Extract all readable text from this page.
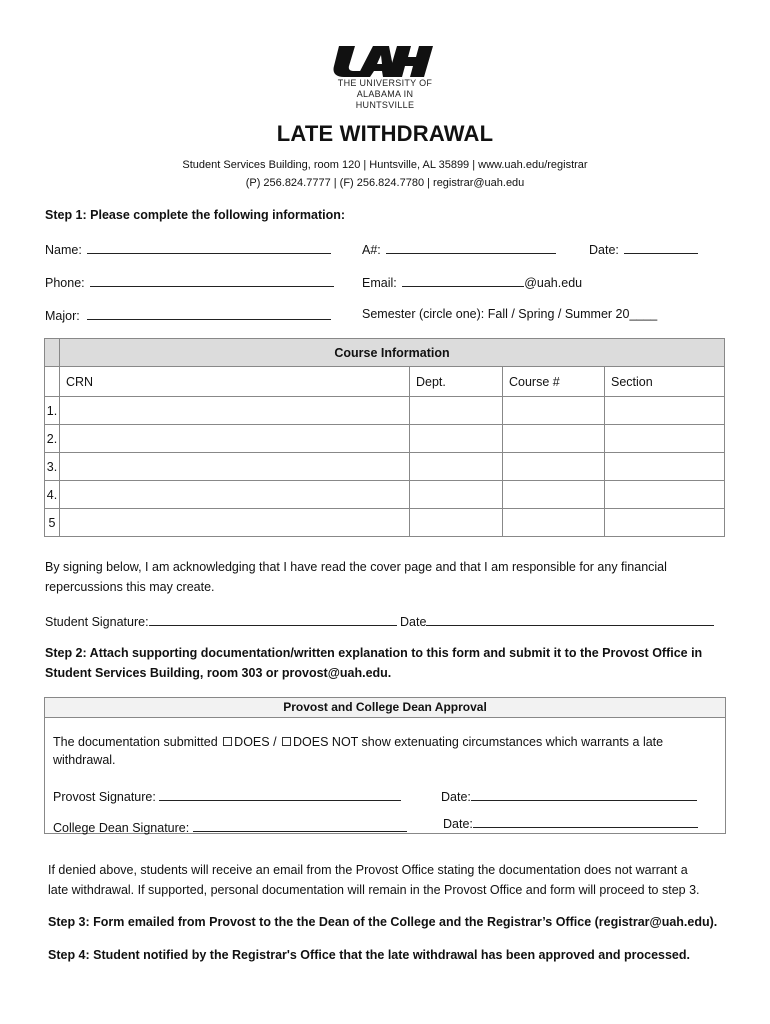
THE UNIVERSITY OF
ALABAMA IN HUNTSVILLE
LATE WITHDRAWAL
Student Services Building, room 120 | Huntsville, AL 35899 | www.uah.edu/registrar
(P) 256.824.7777 | (F) 256.824.7780 | registrar@uah.edu
Step 1: Please complete the following information:
Name:	A#:	Date:
Phone:	Email:	@uah.edu
Major:	Semester (circle one): Fall / Spring / Summer 20____
	Course Information			
	CRN	Dept.	Course #	Section
1.				
2.				
3.				
4.				
5				
By signing below, I am acknowledging that I have read the cover page and that I am responsible for any financial
repercussions this may create.
Student Signature:	Date
Step 2: Attach supporting documentation/written explanation to this form and submit it to the Provost Office in
Student Services Building, room 303 or provost@uah.edu.
Provost and College Dean Approval
The documentation submitted DOES / DOES NOT show extenuating circumstances which warrants a late
withdrawal.
Provost Signature:	Date:
College Dean Signature:	Date:
If denied above, students will receive an email from the Provost Office stating the documentation does not warrant a
late withdrawal. If supported, personal documentation will remain in the Provost Office and form will proceed to step 3.
Step 3: Form emailed from Provost to the the Dean of the College and the Registrar’s Office (registrar@uah.edu).
Step 4: Student notified by the Registrar's Office that the late withdrawal has been approved and processed.
